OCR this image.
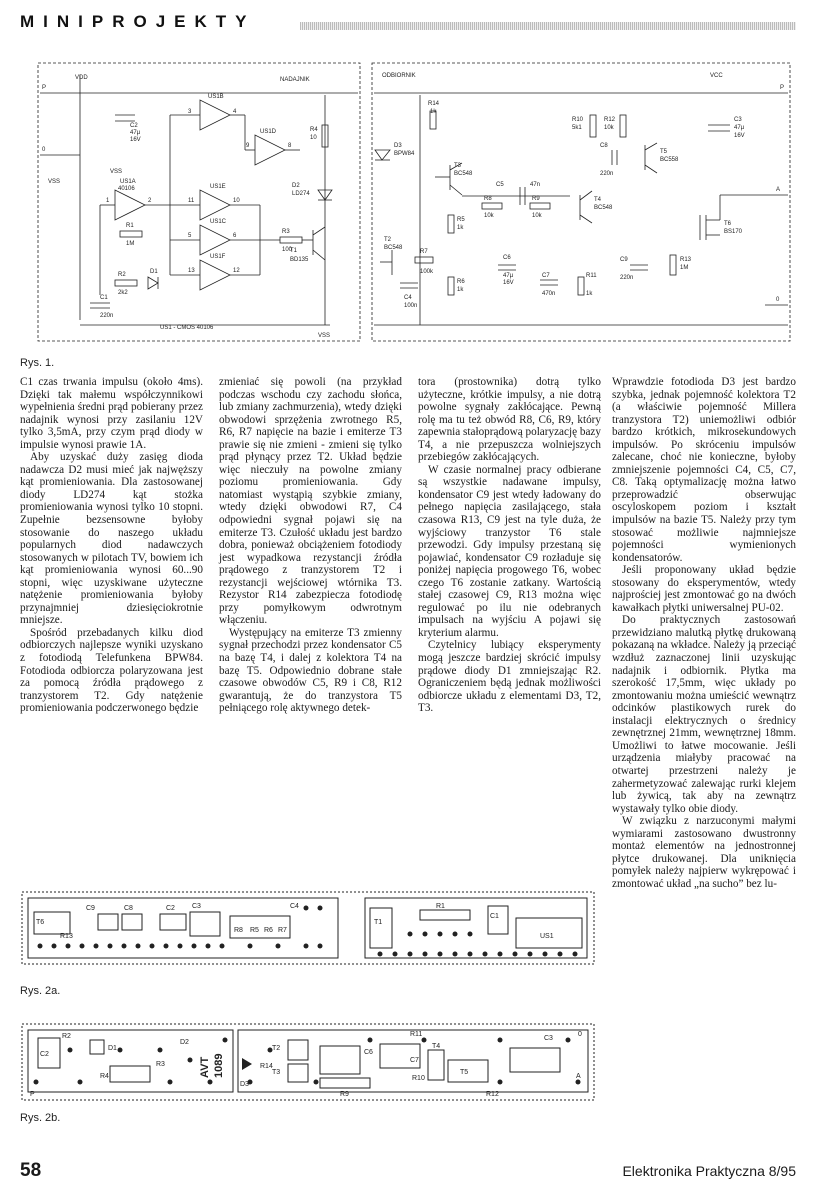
MINIPROJEKTY
NADAJNIK
VDD
P
0
VSS
C2
47µ
16V
VSS
US1A
40106
US1B
US1D
US1E
US1C
US1F
R1
1M
R2
2k2
D1
C1
220n
R3
100
R4
10
D2
LD274
T1
BD135
VSS
US1 - CMOS 40106
3	4
9	8
1	2	11	10
5	6
13	12
ODBIORNIK	VCC
P
R14
1k
D3
BPW84
T3
BC548
T2
BC548
R7
100k
R5
1k
C4
100n
R6
1k
R8
10k
C5	47n
R9
10k
C6
47µ
16V
C7
470n
R11
1k
R10
5k1
R12
10k
C8
220n
T4
BC548
T5
BC558
C3
47µ
16V
C9
220n
R13
1M
T6
BS170
A
0
Rys. 1.

C1 czas trwania impulsu (około 4ms). Dzięki tak małemu współczynnikowi wypełnienia średni prąd pobierany przez nadajnik wynosi przy zasilaniu 12V tylko 3,5mA, przy czym prąd diody w impulsie wynosi prawie 1A.

Aby uzyskać duży zasięg dioda nadawcza D2 musi mieć jak najwęższy kąt promieniowania. Dla zastosowanej diody LD274 kąt stożka promieniowania wynosi tylko 10 stopni. Zupełnie bezsensowne byłoby stosowanie do naszego układu popularnych diod nadawczych stosowanych w pilotach TV, bowiem ich kąt promieniowania wynosi 60...90 stopni, więc uzyskiwane użyteczne natężenie promieniowania byłoby przynajmniej dziesięciokrotnie mniejsze.

Spośród przebadanych kilku diod odbiorczych najlepsze wyniki uzyskano z fotodiodą Telefunkena BPW84. Fotodioda odbiorcza polaryzowana jest za pomocą źródła prądowego z tranzystorem T2. Gdy natężenie promieniowania podczerwonego będzie

zmieniać się powoli (na przykład podczas wschodu czy zachodu słońca, lub zmiany zachmurzenia), wtedy dzięki obwodowi sprzężenia zwrotnego R5, R6, R7 napięcie na bazie i emiterze T3 prawie się nie zmieni - zmieni się tylko prąd płynący przez T2. Układ będzie więc nieczuły na powolne zmiany poziomu promieniowania. Gdy natomiast wystąpią szybkie zmiany, wtedy dzięki obwodowi R7, C4 odpowiedni sygnał pojawi się na emiterze T3. Czułość układu jest bardzo dobra, ponieważ obciążeniem fotodiody jest wypadkowa rezystancji źródła prądowego z tranzystorem T2 i rezystancji wejściowej wtórnika T3. Rezystor R14 zabezpiecza fotodiodę przy pomyłkowym odwrotnym włączeniu.

Występujący na emiterze T3 zmienny sygnał przechodzi przez kondensator C5 na bazę T4, i dalej z kolektora T4 na bazę T5. Odpowiednio dobrane stałe czasowe obwodów C5, R9 i C8, R12 gwarantują, że do tranzystora T5 pełniącego rolę aktywnego detek-

tora (prostownika) dotrą tylko użyteczne, krótkie impulsy, a nie dotrą powolne sygnały zakłócające. Pewną rolę ma tu też obwód R8, C6, R9, który zapewnia stałoprądową polaryzację bazy T4, a nie przepuszcza wolniejszych przebiegów zakłócających.

W czasie normalnej pracy odbierane są wszystkie nadawane impulsy, kondensator C9 jest wtedy ładowany do pełnego napięcia zasilającego, stała czasowa R13, C9 jest na tyle duża, że wyjściowy tranzystor T6 stale przewodzi. Gdy impulsy przestaną się pojawiać, kondensator C9 rozładuje się poniżej napięcia progowego T6, wobec czego T6 zostanie zatkany. Wartością stałej czasowej C9, R13 można więc regulować po ilu nie odebranych impulsach na wyjściu A pojawi się kryterium alarmu.

Czytelnicy lubiący eksperymenty mogą jeszcze bardziej skrócić impulsy prądowe diody D1 zmniejszając R2. Ograniczeniem będą jednak możliwości odbiorcze układu z elementami D3, T2, T3.

Wprawdzie fotodioda D3 jest bardzo szybka, jednak pojemność kolektora T2 (a właściwie pojemność Millera tranzystora T2) uniemożliwi odbiór bardzo krótkich, mikrosekundowych impulsów. Po skróceniu impulsów zalecane, choć nie konieczne, byłoby zmniejszenie pojemności C4, C5, C7, C8. Taką optymalizację można łatwo przeprowadzić obserwując oscyloskopem poziom i kształt impulsów na bazie T5. Należy przy tym stosować możliwie najmniejsze pojemności wymienionych kondensatorów.

Jeśli proponowany układ będzie stosowany do eksperymentów, wtedy najprościej jest zmontować go na dwóch kawałkach płytki uniwersalnej PU-02.

Do praktycznych zastosowań przewidziano malutką płytkę drukowaną pokazaną na wkładce. Należy ją przeciąć wzdłuż zaznaczonej linii uzyskując nadajnik i odbiornik. Płytka ma szerokość 17,5mm, więc układy po zmontowaniu można umieścić wewnątrz odcinków plastikowych rurek do instalacji elektrycznych o średnicy zewnętrznej 21mm, wewnętrznej 18mm. Umożliwi to łatwe mocowanie. Jeśli urządzenia miałyby pracować na otwartej przestrzeni należy je zahermetyzować zalewając rurki klejem lub żywicą, tak aby na zewnątrz wystawały tylko obie diody.

W związku z narzuconymi małymi wymiarami zastosowano dwustronny montaż elementów na jednostronnej płytce drukowanej. Dla uniknięcia pomyłek należy najpierw wykrępować i zmontować układ „na sucho” bez lu-

T6
R13
C9	C8	C2 C3	C4
R8 R5 R6 R7
T1
R1
C1
US1
Rys. 2a.
C2
R2
D1
R4
R3
D2
AVT 1089
D3
R14
T2
T3
C6
R11
C3
T4
R10
C7
R12
T5
R9
P
0
A
Rys. 2b.
58	Elektronika Praktyczna 8/95
